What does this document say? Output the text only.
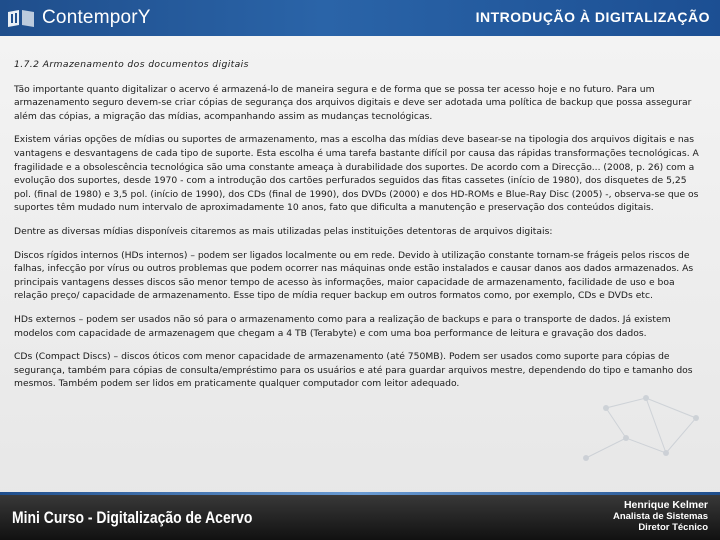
ContemporY	INTRODUÇÃO À DIGITALIZAÇÃO

1.7.2 Armazenamento dos documentos digitais

Tão importante quanto digitalizar o acervo é armazená-lo de maneira segura e de forma que se possa ter acesso hoje e no futuro. Para um armazenamento seguro devem-se criar cópias de segurança dos arquivos digitais e deve ser adotada uma política de backup que possa assegurar além das cópias, a migração das mídias, acompanhando assim as mudanças tecnológicas.

Existem várias opções de mídias ou suportes de armazenamento, mas a escolha das mídias deve basear-se na tipologia dos arquivos digitais e nas vantagens e desvantagens de cada tipo de suporte. Esta escolha é uma tarefa bastante difícil por causa das rápidas transformações tecnológicas. A fragilidade e a obsolescência tecnológica são uma constante ameaça à durabilidade dos suportes. De acordo com a Direcção... (2008, p. 26) com a evolução dos suportes, desde 1970 - com a introdução dos cartões perfurados seguidos das fitas cassetes (início de 1980), dos disquetes de 5,25 pol. (final de 1980) e 3,5 pol. (início de 1990), dos CDs (final de 1990), dos DVDs (2000) e dos HD-ROMs e Blue-Ray Disc (2005) -, observa-se que os suportes têm mudado num intervalo de aproximadamente 10 anos, fato que dificulta a manutenção e preservação dos conteúdos digitais.

Dentre as diversas mídias disponíveis citaremos as mais utilizadas pelas instituições detentoras de arquivos digitais:

Discos rígidos internos (HDs internos) – podem ser ligados localmente ou em rede. Devido à utilização constante tornam-se frágeis pelos riscos de falhas, infecção por vírus ou outros problemas que podem ocorrer nas máquinas onde estão instalados e causar danos aos dados armazenados. As principais vantagens desses discos são menor tempo de acesso às informações, maior capacidade de armazenamento, facilidade de uso e boa relação preço/ capacidade de armazenamento. Esse tipo de mídia requer backup em outros formatos como, por exemplo, CDs e DVDs etc.

HDs externos – podem ser usados não só para o armazenamento como para a realização de backups e para o transporte de dados. Já existem modelos com capacidade de armazenagem que chegam a 4 TB (Terabyte) e com uma boa performance de leitura e gravação dos dados.

CDs (Compact Discs) – discos óticos com menor capacidade de armazenamento (até 750MB). Podem ser usados como suporte para cópias de segurança, também para cópias de consulta/empréstimo para os usuários e até para guardar arquivos mestre, dependendo do tipo e tamanho dos mesmos. Também podem ser lidos em praticamente qualquer computador com leitor adequado.

Mini Curso - Digitalização de Acervo
Henrique Kelmer
Analista de Sistemas
Diretor Técnico
